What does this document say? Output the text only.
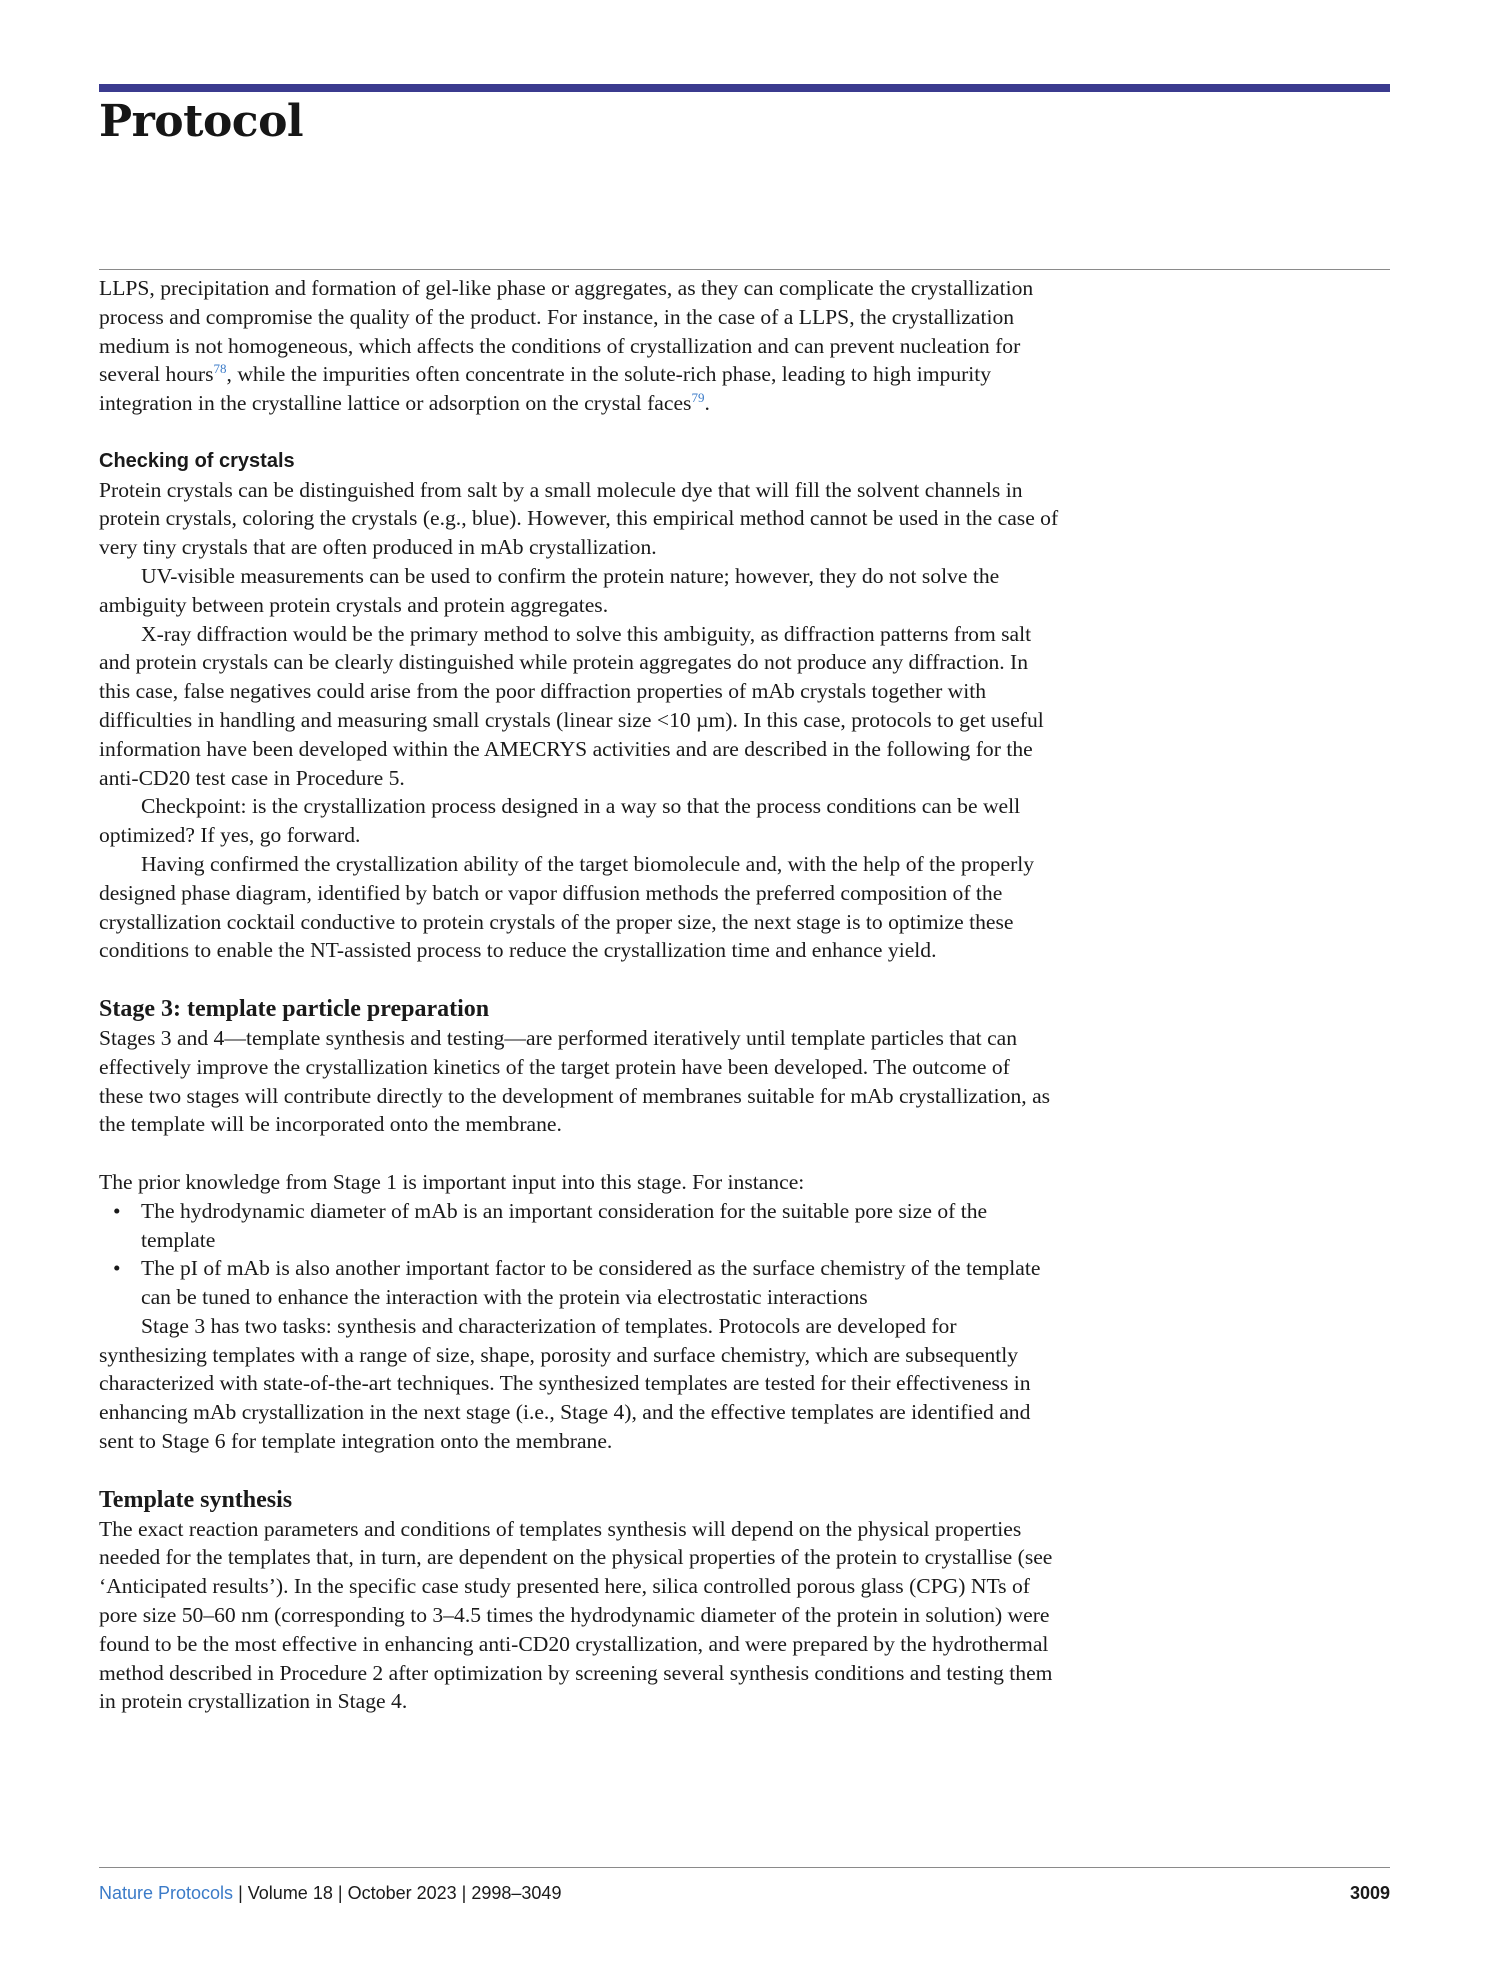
Protocol

LLPS, precipitation and formation of gel-like phase or aggregates, as they can complicate the crystallization process and compromise the quality of the product. For instance, in the case of a LLPS, the crystallization medium is not homogeneous, which affects the conditions of crystallization and can prevent nucleation for several hours$^{78}$, while the impurities often concentrate in the solute-rich phase, leading to high impurity integration in the crystalline lattice or adsorption on the crystal faces$^{79}$.

Checking of crystals

Protein crystals can be distinguished from salt by a small molecule dye that will fill the solvent channels in protein crystals, coloring the crystals (e.g., blue). However, this empirical method cannot be used in the case of very tiny crystals that are often produced in mAb crystallization.

UV-visible measurements can be used to confirm the protein nature; however, they do not solve the ambiguity between protein crystals and protein aggregates.

X-ray diffraction would be the primary method to solve this ambiguity, as diffraction patterns from salt and protein crystals can be clearly distinguished while protein aggregates do not produce any diffraction. In this case, false negatives could arise from the poor diffraction properties of mAb crystals together with difficulties in handling and measuring small crystals (linear size <10 µm). In this case, protocols to get useful information have been developed within the AMECRYS activities and are described in the following for the anti-CD20 test case in Procedure 5.

Checkpoint: is the crystallization process designed in a way so that the process conditions can be well optimized? If yes, go forward.

Having confirmed the crystallization ability of the target biomolecule and, with the help of the properly designed phase diagram, identified by batch or vapor diffusion methods the preferred composition of the crystallization cocktail conductive to protein crystals of the proper size, the next stage is to optimize these conditions to enable the NT-assisted process to reduce the crystallization time and enhance yield.

Stage 3: template particle preparation

Stages 3 and 4—template synthesis and testing—are performed iteratively until template particles that can effectively improve the crystallization kinetics of the target protein have been developed. The outcome of these two stages will contribute directly to the development of membranes suitable for mAb crystallization, as the template will be incorporated onto the membrane.

The prior knowledge from Stage 1 is important input into this stage. For instance:

• The hydrodynamic diameter of mAb is an important consideration for the suitable pore size of the template
• The pI of mAb is also another important factor to be considered as the surface chemistry of the template can be tuned to enhance the interaction with the protein via electrostatic interactions

Stage 3 has two tasks: synthesis and characterization of templates. Protocols are developed for synthesizing templates with a range of size, shape, porosity and surface chemistry, which are subsequently characterized with state-of-the-art techniques. The synthesized templates are tested for their effectiveness in enhancing mAb crystallization in the next stage (i.e., Stage 4), and the effective templates are identified and sent to Stage 6 for template integration onto the membrane.

Template synthesis

The exact reaction parameters and conditions of templates synthesis will depend on the physical properties needed for the templates that, in turn, are dependent on the physical properties of the protein to crystallise (see ‘Anticipated results’). In the specific case study presented here, silica controlled porous glass (CPG) NTs of pore size 50–60 nm (corresponding to 3–4.5 times the hydrodynamic diameter of the protein in solution) were found to be the most effective in enhancing anti-CD20 crystallization, and were prepared by the hydrothermal method described in Procedure 2 after optimization by screening several synthesis conditions and testing them in protein crystallization in Stage 4.

Nature Protocols | Volume 18 | October 2023 | 2998–3049	3009
